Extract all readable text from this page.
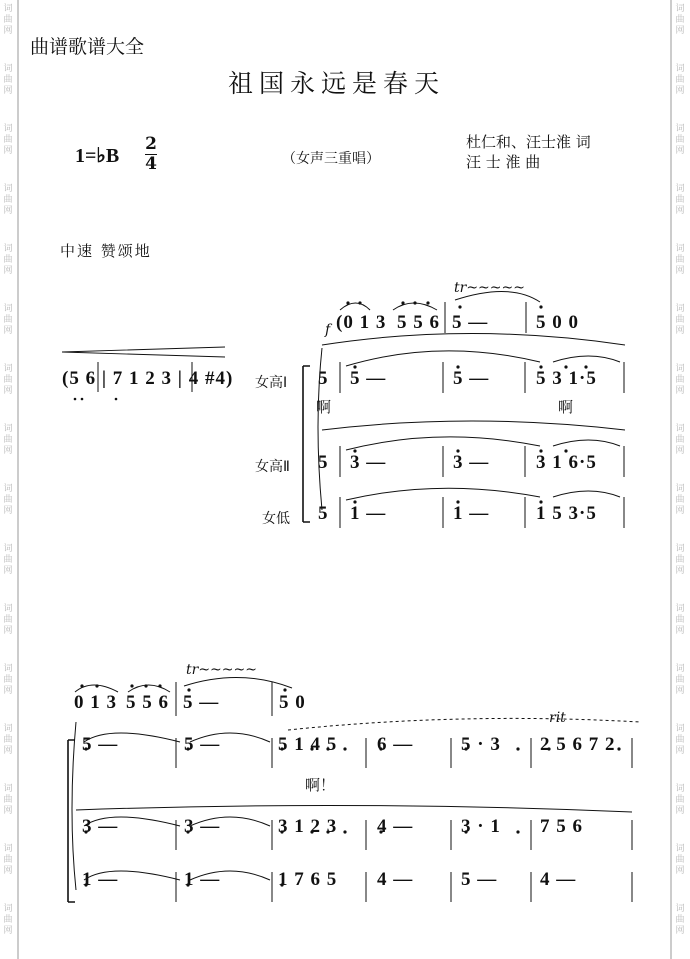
词
曲
网
词
曲
网
词
曲
网
词
曲
网
词
曲
网
词
曲
网
词
曲
网
词
曲
网
词
曲
网
词
曲
网
词
曲
网
词
曲
网
词
曲
网
词
曲
网
词
曲
网
词
曲
网
词
曲
网
词
曲
网
词
曲
网
词
曲
网
词
曲
网
词
曲
网
词
曲
网
词
曲
网
词
曲
网
词
曲
网
词
曲
网
词
曲
网
词
曲
网
词
曲
网
词
曲
网
词
曲
网
曲谱歌谱大全
祖国永远是春天
1=♭B
2
4	（女声三重唱）
杜仁和、汪士淮 词
汪 士 淮 曲
中速 赞颂地
f
tr~~~~~
(0 1 3 5 5 6 5 —	5 0 0
(5 6 | 7 1 2 3 | 4 #4) 女高Ⅰ
女高Ⅱ
女低
5 5 —	5 — 5 3 1·5
啊	啊
5 3 —	3 — 3 1 6·5
5 1 —	1 — 1 5 3·5
tr~~~~~
rit
0 1 3 5 5 6 5 —	5 0
5 —	5 —	5 1 4 5 6 —	5 · 3 2 5 6 7 2
3 —	3 —	3 1 2 3 4 —	3 · 1 7 5 6
1 —	1 —	1 7 6 5 4 —	5 — 4 —
啊！
